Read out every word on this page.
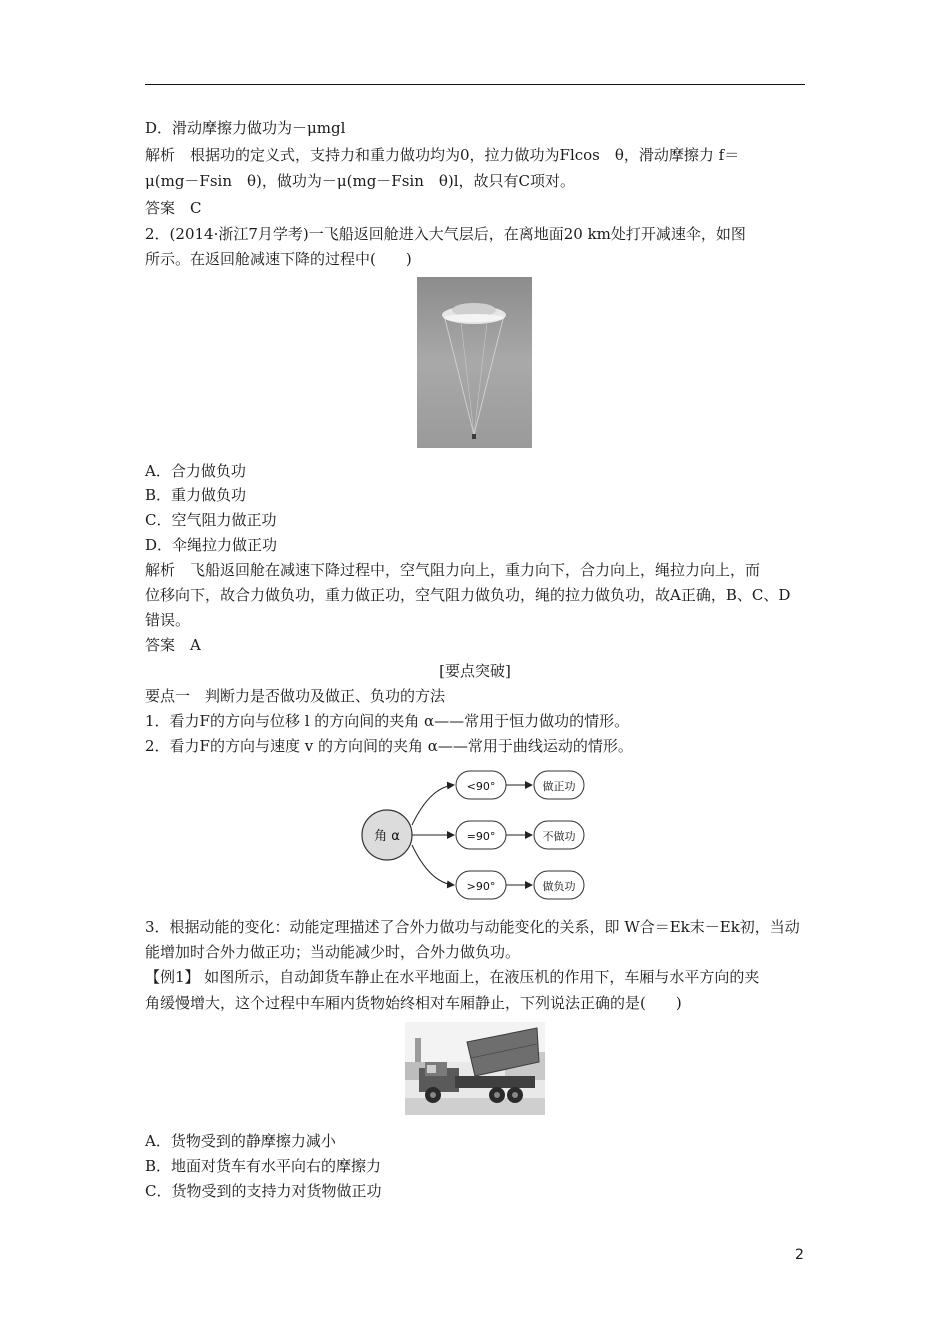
D．滑动摩擦力做功为－μmgl
解析　根据功的定义式，支持力和重力做功均为0，拉力做功为Flcos　θ，滑动摩擦力 f＝
μ(mg－Fsin　θ)，做功为－μ(mg－Fsin　θ)l，故只有C项对。
答案　C
2．(2014·浙江7月学考)一飞船返回舱进入大气层后，在离地面20 km处打开减速伞，如图
所示。在返回舱减速下降的过程中(　　)
A．合力做负功
B．重力做负功
C．空气阻力做正功
D．伞绳拉力做正功
解析　飞船返回舱在减速下降过程中，空气阻力向上，重力向下，合力向上，绳拉力向上，而
位移向下，故合力做负功，重力做正功，空气阻力做负功，绳的拉力做负功，故A正确，B、C、D
错误。
答案　A
[要点突破]
要点一　判断力是否做功及做正、负功的方法
1．看力F的方向与位移 l 的方向间的夹角 α——常用于恒力做功的情形。
2．看力F的方向与速度 v 的方向间的夹角 α——常用于曲线运动的情形。
角 α
<90°
=90°
>90°
做正功
不做功
做负功
3．根据动能的变化：动能定理描述了合外力做功与动能变化的关系，即 W合＝Ek末－Ek初，当动
能增加时合外力做正功；当动能减少时，合外力做负功。
【例1】 如图所示，自动卸货车静止在水平地面上，在液压机的作用下，车厢与水平方向的夹
角缓慢增大，这个过程中车厢内货物始终相对车厢静止，下列说法正确的是(　　)
A．货物受到的静摩擦力减小
B．地面对货车有水平向右的摩擦力
C．货物受到的支持力对货物做正功
2
